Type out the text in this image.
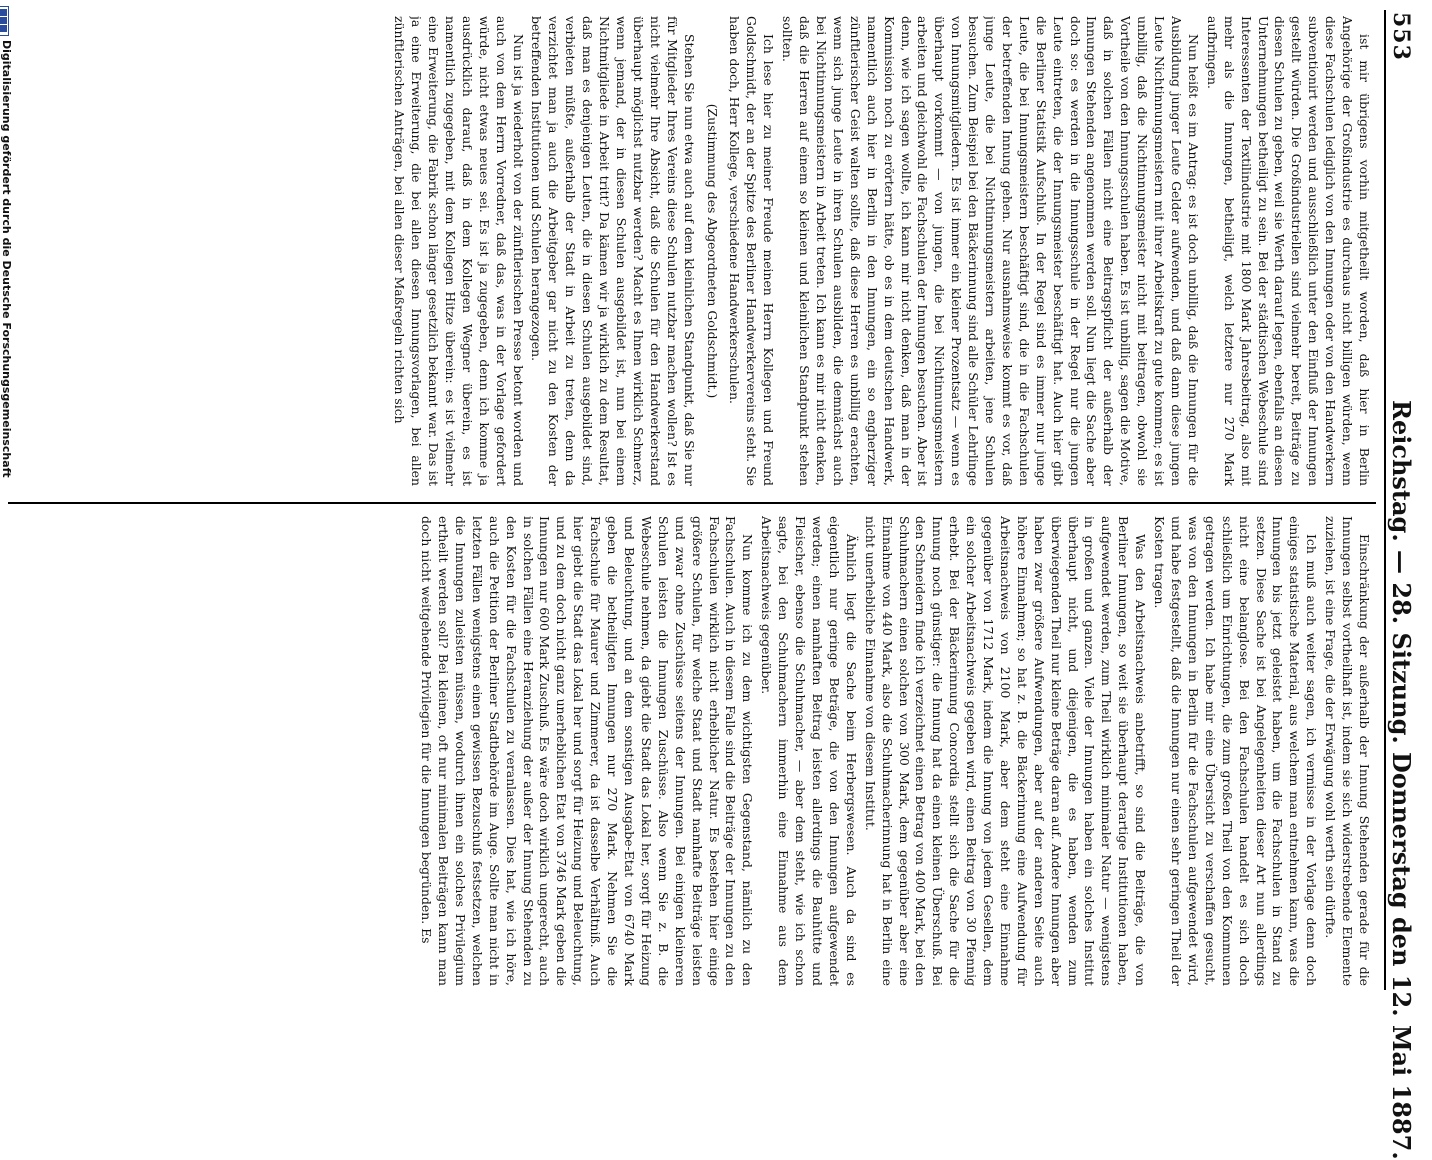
553
Reichstag. — 28. Sitzung. Donnerstag den 12. Mai 1887.

ist mir übrigens vorhin mitgetheilt worden, daß hier in Berlin Angehörige der Großindustrie es durchaus nicht billigen würden, wenn diese Fachschulen lediglich von den Innungen oder von den Handwerkern subventionirt werden und ausschließlich unter den Einfluß der Innungen gestellt würden. Die Großindustriellen sind vielmehr bereit, Beiträge zu diesen Schulen zu geben, weil sie Werth darauf legen, ebenfalls an diesen Unternehmungen betheiligt zu sein. Bei der städtischen Webeschule sind Interessenten der Textilindustrie mit 1800 Mark Jahresbeitrag, also mit mehr als die Innungen, betheiligt, welch letztere nur 270 Mark aufbringen.

Nun heißt es im Antrag: es ist doch unbillig, daß die Innungen für die Ausbildung junger Leute Gelder aufwenden, und daß dann diese jungen Leute Nichtinnungsmeistern mit ihrer Arbeitskraft zu gute kommen; es ist unbillig, daß die Nichtinnungsmeister nicht mit beitragen, obwohl sie Vortheile von den Innungsschulen haben. Es ist unbillig, sagen die Motive, daß in solchen Fällen nicht eine Beitragspflicht der außerhalb der Innungen Stehenden angenommen werden soll. Nun liegt die Sache aber doch so: es werden in die Innungsschule in der Regel nur die jungen Leute eintreten, die der Innungsmeister beschäftigt hat. Auch hier gibt die Berliner Statistik Aufschluß. In der Regel sind es immer nur junge Leute, die bei Innungsmeistern beschäftigt sind, die in die Fachschulen der betreffenden Innung gehen. Nur ausnahmsweise kommt es vor, daß junge Leute, die bei Nichtinnungsmeistern arbeiten, jene Schulen besuchen. Zum Beispiel bei den Bäckerinnung sind alle Schüler Lehrlinge von Innungsmitgliedern. Es ist immer ein kleiner Prozentsatz — wenn es überhaupt vorkommt — von jungen, die bei Nichtinnungsmeistern arbeiten und gleichwohl die Fachschulen der Innungen besuchen. Aber ist denn, wie ich sagen wollte, ich kann mir nicht denken, daß man in der Kommission noch zu erörtern hätte, ob es in dem deutschen Handwerk, namentlich auch hier in Berlin in den Innungen, ein so engherziger zünftlerischer Geist walten sollte, daß diese Herren es unbillig erachten, wenn sich junge Leute in ihren Schulen ausbilden, die demnächst auch bei Nichtinnungsmeistern in Arbeit treten. Ich kann es mir nicht denken, daß die Herren auf einem so kleinen und kleinlichen Standpunkt stehen sollten.

Ich lese hier zu meiner Freude meinen Herrn Kollegen und Freund Goldschmidt, der an der Spitze des Berliner Handwerkervereins steht. Sie haben doch, Herr Kollege, verschiedene Handwerkerschulen.

(Zustimmung des Abgeordneten Goldschmidt.)

Stehen Sie nun etwa auch auf dem kleinlichen Standpunkt, daß Sie nur für Mitglieder Ihres Vereins diese Schulen nutzbar machen wollen? Ist es nicht vielmehr Ihre Absicht, daß die Schulen für den Handwerkerstand überhaupt möglichst nutzbar werden? Macht es Ihnen wirklich Schmerz, wenn jemand, der in diesen Schulen ausgebildet ist, nun bei einem Nichtmitgliede in Arbeit tritt? Da kämen wir ja wirklich zu dem Resultat, daß man es denjenigen Leuten, die in diesen Schulen ausgebildet sind, verbieten müßte, außerhalb der Stadt in Arbeit zu treten, denn da verzichtet man ja auch die Arbeitgeber gar nicht zu den Kosten der betreffenden Institutionen und Schulen herangezogen.

Nun ist ja wiederholt von der zünftlerischen Presse betont worden und auch von dem Herrn Vorredner, daß das, was in der Vorlage gefordert würde, nicht etwas neues sei. Es ist ja zugegeben, denn ich komme ja ausdrücklich darauf, daß in dem Kollegen Wegner überein, es ist namentlich zugegeben, mit dem Kollegen Hitze überein: es ist vielmehr eine Erweiterung, die Fabrik schon länger gesetzlich bekannt war. Das ist ja eine Erweiterung, die bei allen diesen Innungsvorlagen, bei allen zünftlerischen Anträgen, bei allen dieser Maßregeln richten sich

Einschränkung der außerhalb der Innung Stehenden gerade für die Innungen selbst vortheilhaft ist, indem sie sich widerstrebende Elemente zuziehen, ist eine Frage, die der Erwägung wohl werth sein dürfte.

Ich muß auch weiter sagen, ich vermisse in der Vorlage denn doch einiges statistische Material, aus welchem man entnehmen kann, was die Innungen bis jetzt geleistet haben, um die Fachschulen in Stand zu setzen. Diese Sache ist bei Angelegenheiten dieser Art nun allerdings nicht eine belanglose. Bei den Fachschulen handelt es sich doch schließlich um Einrichtungen, die zum großen Theil von den Kommunen getragen werden. Ich habe mir eine Übersicht zu verschaffen gesucht, was von den Innungen in Berlin für die Fachschulen aufgewendet wird, und habe festgestellt, daß die Innungen nur einen sehr geringen Theil der Kosten tragen.

Was den Arbeitsnachweis anbetrifft, so sind die Beiträge, die von Berliner Innungen, so weit sie überhaupt derartige Institutionen haben, aufgewendet werden, zum Theil wirklich minimaler Natur — wenigstens in großen und ganzen. Viele der Innungen haben ein solches Institut überhaupt nicht, und diejenigen, die es haben, wenden zum überwiegenden Theil nur kleine Beträge daran auf. Andere Innungen aber haben zwar größere Aufwendungen, aber auf der anderen Seite auch höhere Einnahmen; so hat z. B. die Bäckerinnung eine Aufwendung für Arbeitsnachweis von 2100 Mark, aber dem steht eine Einnahme gegenüber von 1712 Mark, indem die Innung von jedem Gesellen, dem ein solcher Arbeitsnachweis gegeben wird, einen Beitrag von 30 Pfennig erhebt. Bei der Bäckerinnung Concordia stellt sich die Sache für die Innung noch günstiger: die Innung hat da einen kleinen Überschuß. Bei den Schneidern finde ich verzeichnet einen Betrag von 400 Mark, bei den Schuhmachern einen solchen von 300 Mark, dem gegenüber aber eine Einnahme von 440 Mark, also die Schuhmacherinnung hat in Berlin eine nicht unerhebliche Einnahme von diesem Institut.

Ähnlich liegt die Sache beim Herbergswesen. Auch da sind es eigentlich nur geringe Beträge, die von den Innungen aufgewendet werden; einen namhaften Beitrag leisten allerdings die Bauhütte und Fleischer, ebenso die Schuhmacher, — aber dem steht, wie ich schon sagte, bei den Schuhmachern immerhin eine Einnahme aus dem Arbeitsnachweis gegenüber.

Nun komme ich zu dem wichtigsten Gegenstand, nämlich zu den Fachschulen. Auch in diesem Falle sind die Beiträge der Innungen zu den Fachschulen wirklich nicht erheblicher Natur. Es bestehen hier einige größere Schulen, für welche Staat und Stadt namhafte Beiträge leisten und zwar ohne Zuschüsse seitens der Innungen. Bei einigen kleineren Schulen leisten die Innungen Zuschüsse. Also wenn Sie z. B. die Webeschule nehmen, da giebt die Stadt das Lokal her, sorgt für Heizung und Beleuchtung, und an dem sonstigen Ausgabe-Etat von 6740 Mark geben die betheiligten Innungen nur 270 Mark. Nehmen Sie die Fachschule für Maurer und Zimmerer, da ist dasselbe Verhältniß. Auch hier giebt die Stadt das Lokal her und sorgt für Heizung und Beleuchtung, und zu dem doch nicht ganz unerheblichen Etat von 3746 Mark geben die Innungen nur 600 Mark Zuschuß. Es wäre doch wirklich ungerecht, auch in solchen Fällen eine Heranziehung der außer der Innung Stehenden zu den Kosten für die Fachschulen zu veranlassen. Dies hat, wie ich höre, auch die Petition der Berliner Stadtbehörde im Auge. Sollte man nicht in letzten Fällen wenigstens einen gewissen Bezuschuß festsetzen, welchen die Innungen zuleisten müssen, wodurch ihnen ein solches Privilegium ertheilt werden soll? Bei kleinen, oft nur minimalen Beiträgen kann man doch nicht weitgehende Privilegien für die Innungen begründen. Es

Digitalisierung gefördert durch die Deutsche Forschungsgemeinschaft
